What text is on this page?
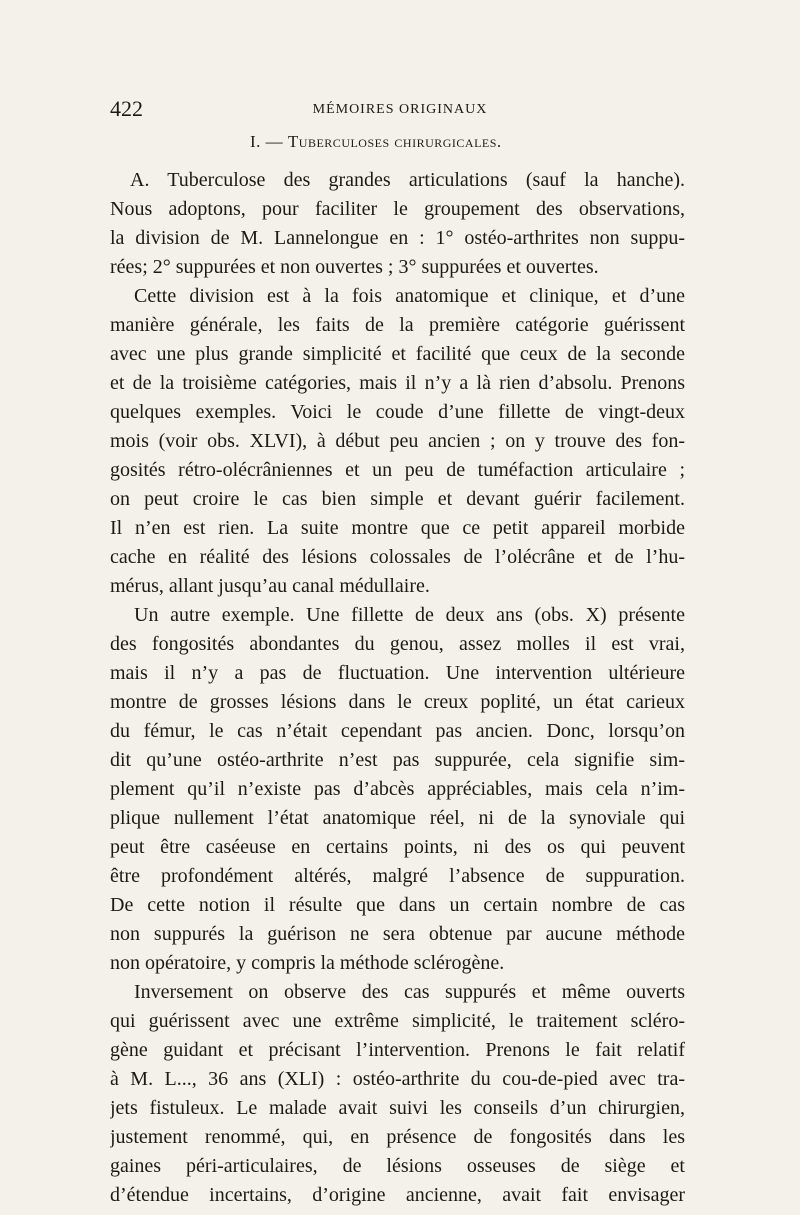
422	MÉMOIRES ORIGINAUX
I. — Tuberculoses chirurgicales.
A. Tuberculose des grandes articulations (sauf la hanche).
Nous adoptons, pour faciliter le groupement des observations,
la division de M. Lannelongue en : 1° ostéo-arthrites non suppu-
rées; 2° suppurées et non ouvertes ; 3° suppurées et ouvertes.
Cette division est à la fois anatomique et clinique, et d’une
manière générale, les faits de la première catégorie guérissent
avec une plus grande simplicité et facilité que ceux de la seconde
et de la troisième catégories, mais il n’y a là rien d’absolu. Prenons
quelques exemples. Voici le coude d’une fillette de vingt-deux
mois (voir obs. XLVI), à début peu ancien ; on y trouve des fon-
gosités rétro-olécrâniennes et un peu de tuméfaction articulaire ;
on peut croire le cas bien simple et devant guérir facilement.
Il n’en est rien. La suite montre que ce petit appareil morbide
cache en réalité des lésions colossales de l’olécrâne et de l’hu-
mérus, allant jusqu’au canal médullaire.
Un autre exemple. Une fillette de deux ans (obs. X) présente
des fongosités abondantes du genou, assez molles il est vrai,
mais il n’y a pas de fluctuation. Une intervention ultérieure
montre de grosses lésions dans le creux poplité, un état carieux
du fémur, le cas n’était cependant pas ancien. Donc, lorsqu’on
dit qu’une ostéo-arthrite n’est pas suppurée, cela signifie sim-
plement qu’il n’existe pas d’abcès appréciables, mais cela n’im-
plique nullement l’état anatomique réel, ni de la synoviale qui
peut être caséeuse en certains points, ni des os qui peuvent
être profondément altérés, malgré l’absence de suppuration.
De cette notion il résulte que dans un certain nombre de cas
non suppurés la guérison ne sera obtenue par aucune méthode
non opératoire, y compris la méthode sclérogène.
Inversement on observe des cas suppurés et même ouverts
qui guérissent avec une extrême simplicité, le traitement scléro-
gène guidant et précisant l’intervention. Prenons le fait relatif
à M. L..., 36 ans (XLI) : ostéo-arthrite du cou-de-pied avec tra-
jets fistuleux. Le malade avait suivi les conseils d’un chirurgien,
justement renommé, qui, en présence de fongosités dans les
gaines péri-articulaires, de lésions osseuses de siège et
d’étendue incertains, d’origine ancienne, avait fait envisager
